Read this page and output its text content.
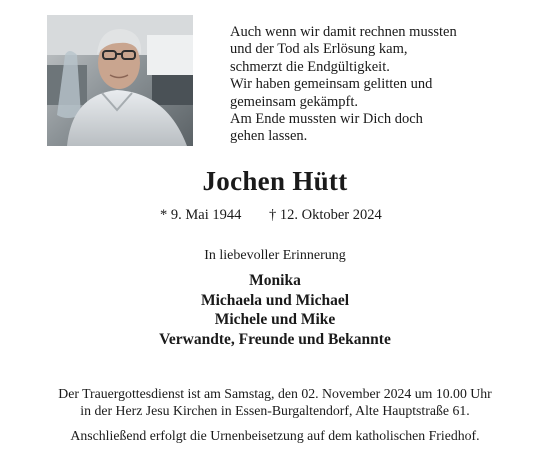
Auch wenn wir damit rechnen mussten
und der Tod als Erlösung kam,
schmerzt die Endgültigkeit.
Wir haben gemeinsam gelitten und
gemeinsam gekämpft.
Am Ende mussten wir Dich doch
gehen lassen.
Jochen Hütt
* 9. Mai 1944 † 12. Oktober 2024
In liebevoller Erinnerung
Monika
Michaela und Michael
Michele und Mike
Verwandte, Freunde und Bekannte
Der Trauergottesdienst ist am Samstag, den 02. November 2024 um 10.00 Uhr
in der Herz Jesu Kirchen in Essen-Burgaltendorf, Alte Hauptstraße 61.
Anschließend erfolgt die Urnenbeisetzung auf dem katholischen Friedhof.
